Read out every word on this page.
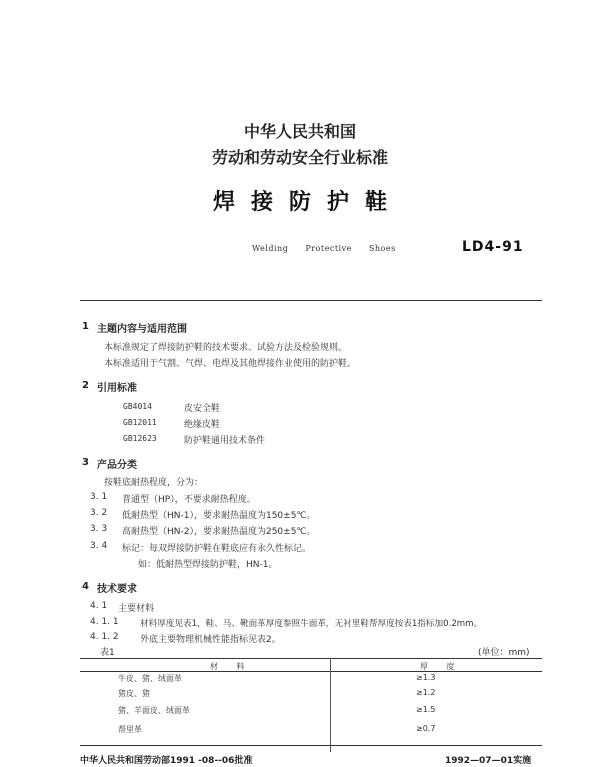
中华人民共和国
劳动和劳动安全行业标准
焊接防护鞋
Welding Protective Shoes	LD4-91
1 主题内容与适用范围
本标准规定了焊接防护鞋的技术要求、试验方法及检验规则。
本标准适用于气割、气焊、电焊及其他焊接作业使用的防护鞋。
2 引用标准
GB4014	皮安全鞋
GB12011	绝缘皮鞋
GB12623	防护鞋通用技术条件
3 产品分类
按鞋底耐热程度，分为：
3. 1 普通型（HP），不要求耐热程度。
3. 2 低耐热型（HN-1），要求耐热温度为150±5℃。
3. 3 高耐热型（HN-2），要求耐热温度为250±5℃。
3. 4 标记：每双焊接防护鞋在鞋底应有永久性标记。
如：低耐热型焊接防护鞋，HN-1。
4 技术要求
4. 1 主要材料
4. 1. 1 材料厚度见表1，鞋、马、靴面革厚度参照牛面革，无衬里鞋帮厚度按表1指标加0.2mm。
4. 1. 2 外底主要物理机械性能指标见表2。
表1	(单位：mm)
材 料	厚 度
牛皮、猪、绒面革	≥1.3
猪皮、猪	≥1.2
猪、羊面皮、绒面革	≥1.5
帮里革	≥0.7
中华人民共和国劳动部1991 -08--06批准	1992—07—01实施
